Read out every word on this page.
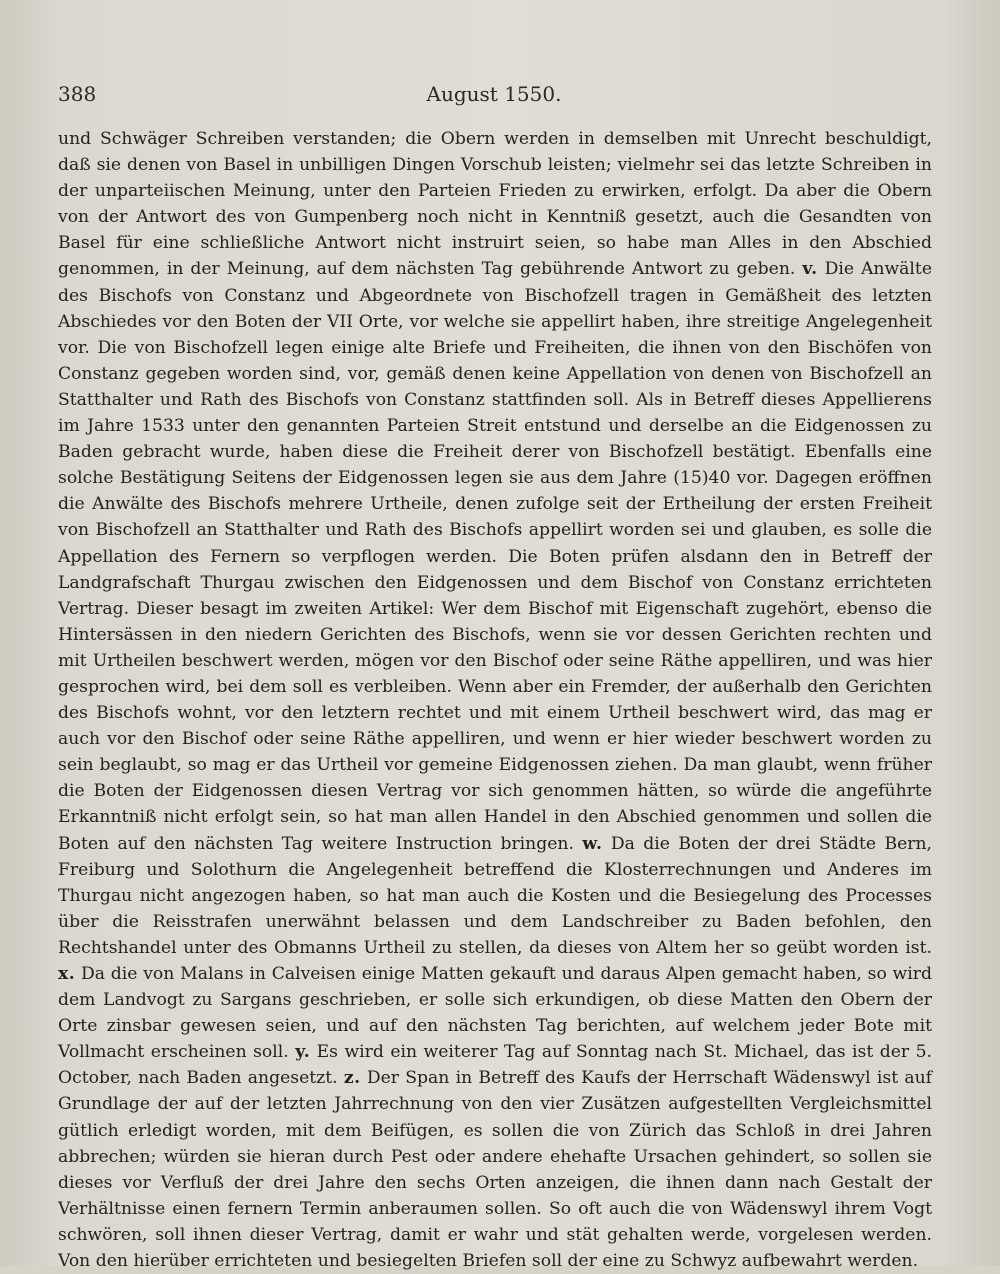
388	August 1550.

und Schwäger Schreiben verstanden; die Obern werden in demselben mit Unrecht beschuldigt, daß sie denen von Basel in unbilligen Dingen Vorschub leisten; vielmehr sei das letzte Schreiben in der unparteiischen Meinung, unter den Parteien Frieden zu erwirken, erfolgt. Da aber die Obern von der Antwort des von Gumpenberg noch nicht in Kenntniß gesetzt, auch die Gesandten von Basel für eine schließliche Antwort nicht instruirt seien, so habe man Alles in den Abschied genommen, in der Meinung, auf dem nächsten Tag gebührende Antwort zu geben. v. Die Anwälte des Bischofs von Constanz und Abgeordnete von Bischofzell tragen in Gemäßheit des letzten Abschiedes vor den Boten der VII Orte, vor welche sie appellirt haben, ihre streitige Angelegenheit vor. Die von Bischofzell legen einige alte Briefe und Freiheiten, die ihnen von den Bischöfen von Constanz gegeben worden sind, vor, gemäß denen keine Appellation von denen von Bischofzell an Statthalter und Rath des Bischofs von Constanz stattfinden soll. Als in Betreff dieses Appellierens im Jahre 1533 unter den genannten Parteien Streit entstund und derselbe an die Eidgenossen zu Baden gebracht wurde, haben diese die Freiheit derer von Bischofzell bestätigt. Ebenfalls eine solche Bestätigung Seitens der Eidgenossen legen sie aus dem Jahre (15)40 vor. Dagegen eröffnen die Anwälte des Bischofs mehrere Urtheile, denen zufolge seit der Ertheilung der ersten Freiheit von Bischofzell an Statthalter und Rath des Bischofs appellirt worden sei und glauben, es solle die Appellation des Fernern so verpflogen werden. Die Boten prüfen alsdann den in Betreff der Landgrafschaft Thurgau zwischen den Eidgenossen und dem Bischof von Constanz errichteten Vertrag. Dieser besagt im zweiten Artikel: Wer dem Bischof mit Eigenschaft zugehört, ebenso die Hintersässen in den niedern Gerichten des Bischofs, wenn sie vor dessen Gerichten rechten und mit Urtheilen beschwert werden, mögen vor den Bischof oder seine Räthe appelliren, und was hier gesprochen wird, bei dem soll es verbleiben. Wenn aber ein Fremder, der außerhalb den Gerichten des Bischofs wohnt, vor den letztern rechtet und mit einem Urtheil beschwert wird, das mag er auch vor den Bischof oder seine Räthe appelliren, und wenn er hier wieder beschwert worden zu sein beglaubt, so mag er das Urtheil vor gemeine Eidgenossen ziehen. Da man glaubt, wenn früher die Boten der Eidgenossen diesen Vertrag vor sich genommen hätten, so würde die angeführte Erkanntniß nicht erfolgt sein, so hat man allen Handel in den Abschied genommen und sollen die Boten auf den nächsten Tag weitere Instruction bringen. w. Da die Boten der drei Städte Bern, Freiburg und Solothurn die Angelegenheit betreffend die Klosterrechnungen und Anderes im Thurgau nicht angezogen haben, so hat man auch die Kosten und die Besiegelung des Processes über die Reisstrafen unerwähnt belassen und dem Landschreiber zu Baden befohlen, den Rechtshandel unter des Obmanns Urtheil zu stellen, da dieses von Altem her so geübt worden ist. x. Da die von Malans in Calveisen einige Matten gekauft und daraus Alpen gemacht haben, so wird dem Landvogt zu Sargans geschrieben, er solle sich erkundigen, ob diese Matten den Obern der Orte zinsbar gewesen seien, und auf den nächsten Tag berichten, auf welchem jeder Bote mit Vollmacht erscheinen soll. y. Es wird ein weiterer Tag auf Sonntag nach St. Michael, das ist der 5. October, nach Baden angesetzt. z. Der Span in Betreff des Kaufs der Herrschaft Wädenswyl ist auf Grundlage der auf der letzten Jahrrechnung von den vier Zusätzen aufgestellten Vergleichsmittel gütlich erledigt worden, mit dem Beifügen, es sollen die von Zürich das Schloß in drei Jahren abbrechen; würden sie hieran durch Pest oder andere ehehafte Ursachen gehindert, so sollen sie dieses vor Verfluß der drei Jahre den sechs Orten anzeigen, die ihnen dann nach Gestalt der Verhältnisse einen fernern Termin anberaumen sollen. So oft auch die von Wädenswyl ihrem Vogt schwören, soll ihnen dieser Vertrag, damit er wahr und stät gehalten werde, vorgelesen werden. Von den hierüber errichteten und besiegelten Briefen soll der eine zu Schwyz aufbewahrt werden.
